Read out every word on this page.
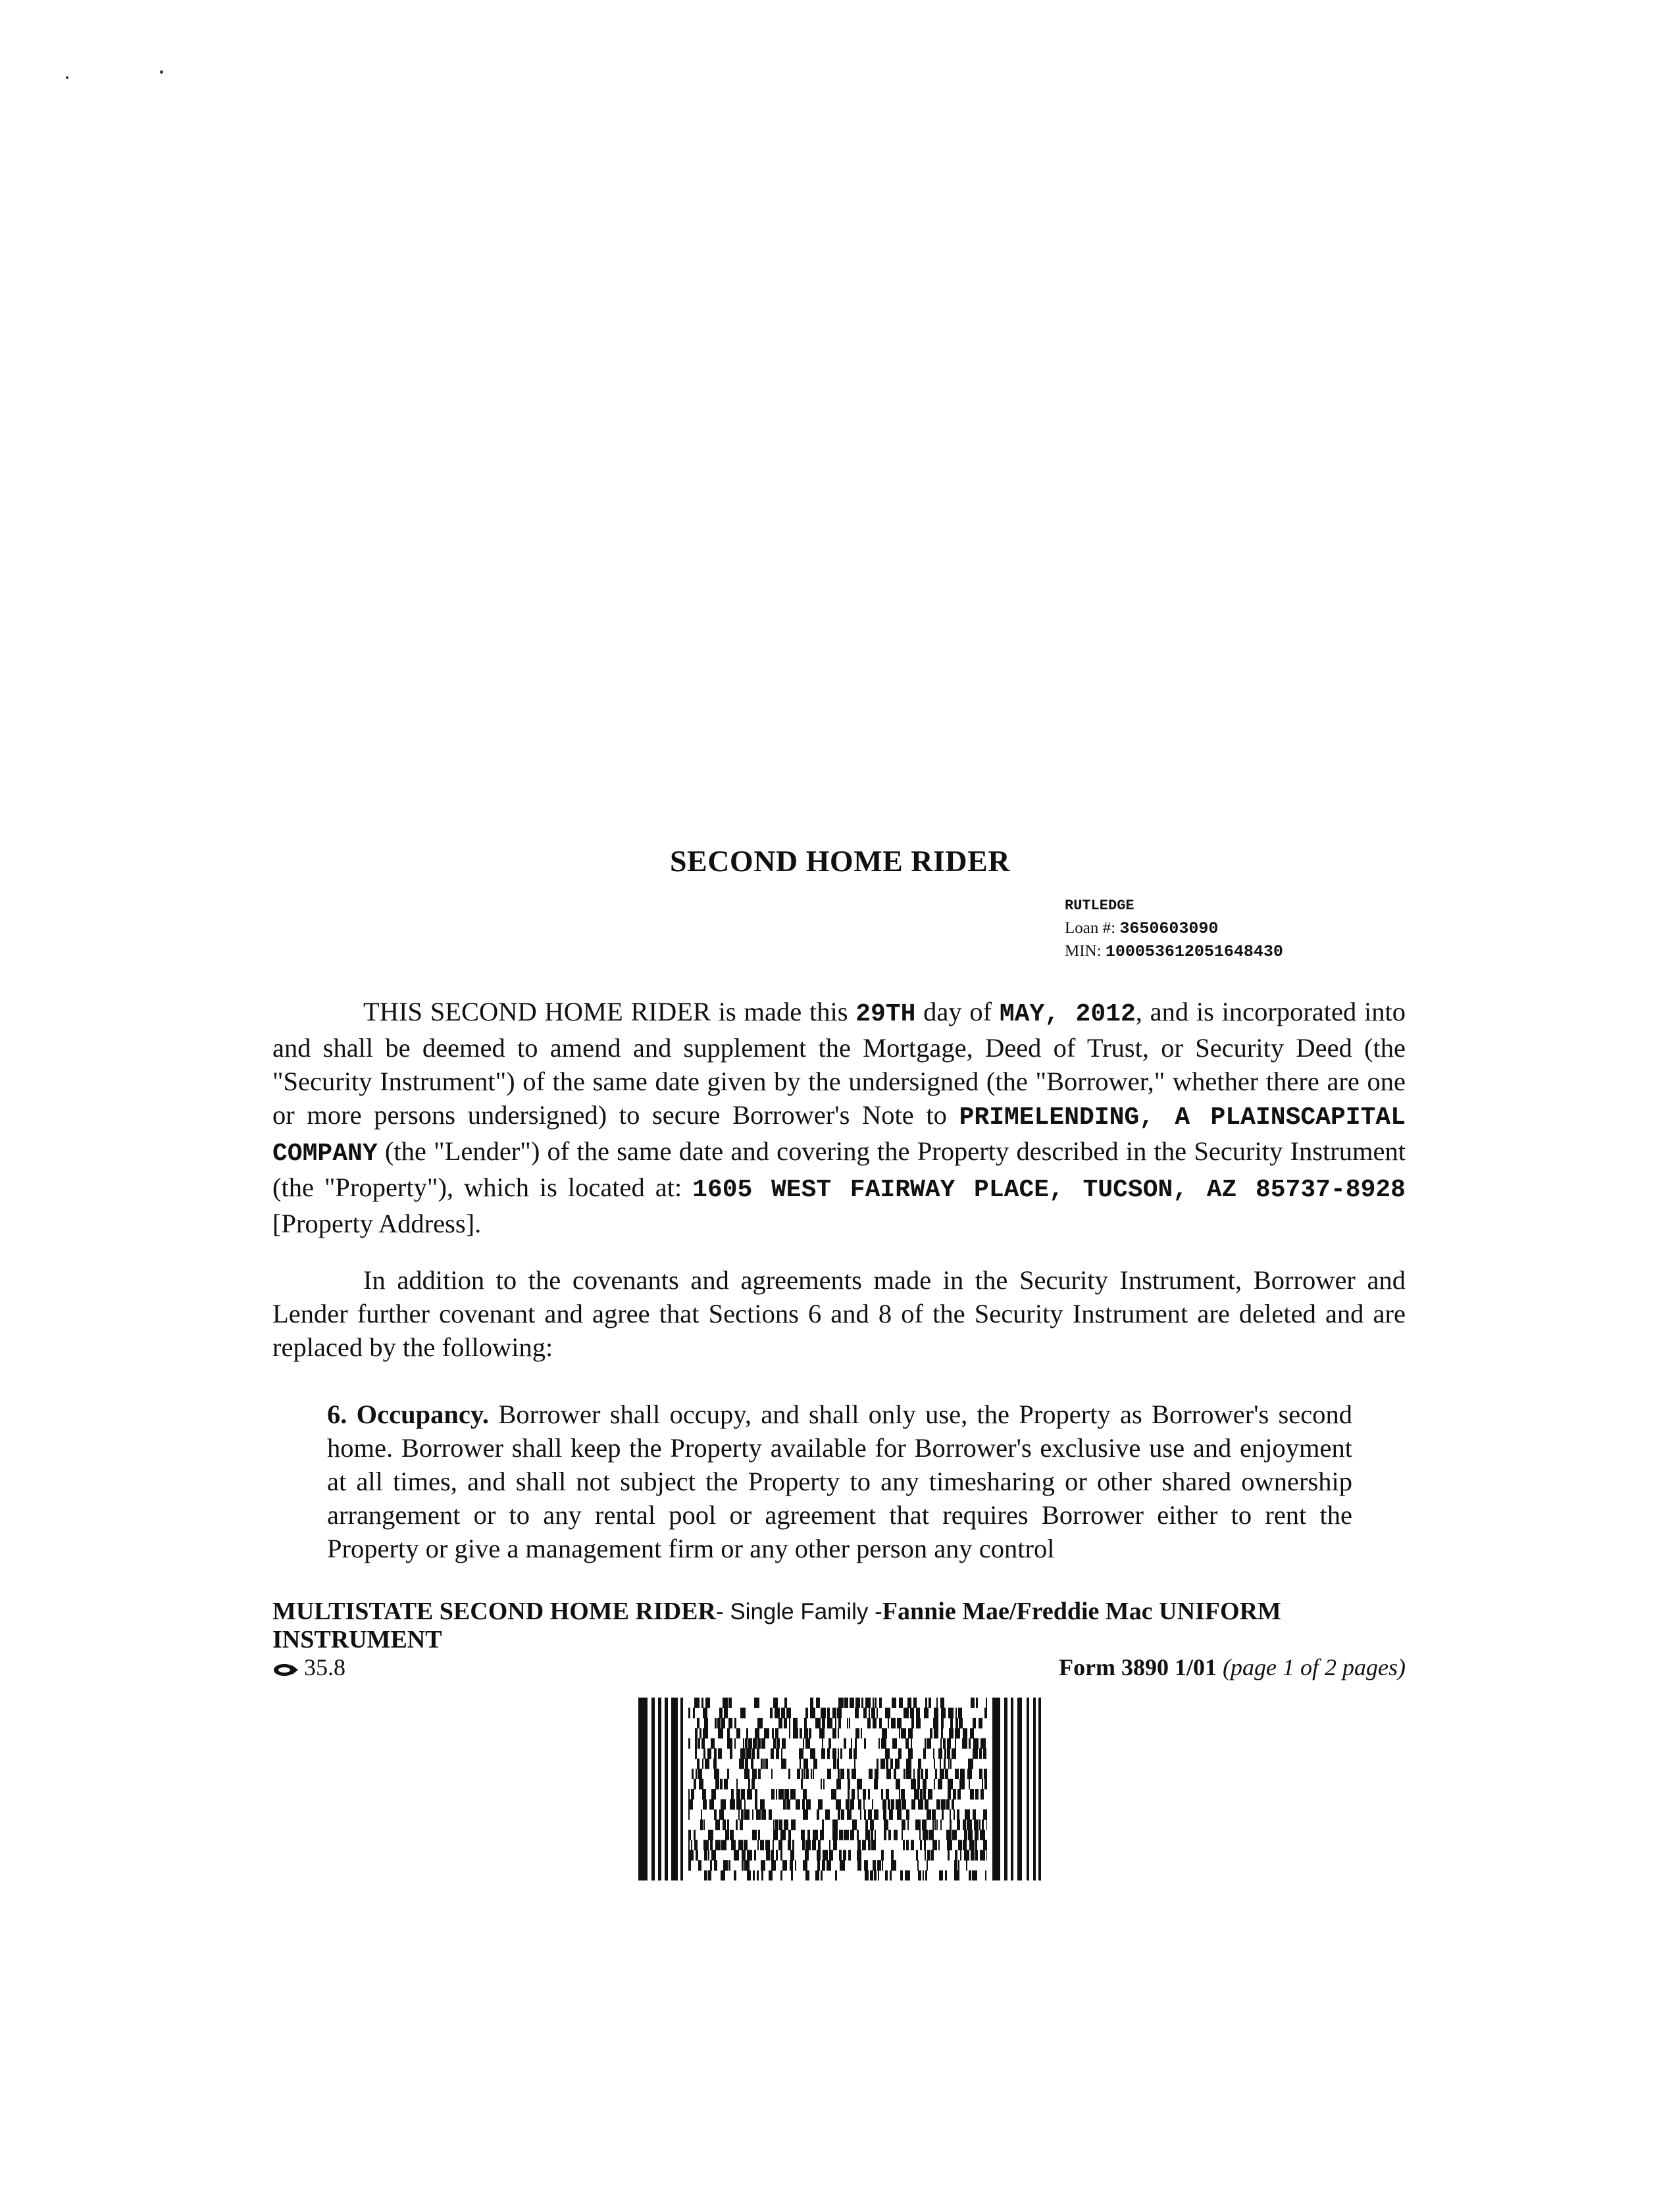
SECOND HOME RIDER
RUTLEDGE
Loan #: 3650603090
MIN: 100053612051648430
THIS SECOND HOME RIDER is made this 29TH day of MAY, 2012, and is incorporated into and shall be deemed to amend and supplement the Mortgage, Deed of Trust, or Security Deed (the "Security Instrument") of the same date given by the undersigned (the "Borrower," whether there are one or more persons undersigned) to secure Borrower's Note to PRIMELENDING, A PLAINSCAPITAL COMPANY (the "Lender") of the same date and covering the Property described in the Security Instrument (the "Property"), which is located at: 1605 WEST FAIRWAY PLACE, TUCSON, AZ 85737-8928 [Property Address].
In addition to the covenants and agreements made in the Security Instrument, Borrower and Lender further covenant and agree that Sections 6 and 8 of the Security Instrument are deleted and are replaced by the following:
6. Occupancy. Borrower shall occupy, and shall only use, the Property as Borrower's second home. Borrower shall keep the Property available for Borrower's exclusive use and enjoyment at all times, and shall not subject the Property to any timesharing or other shared ownership arrangement or to any rental pool or agreement that requires Borrower either to rent the Property or give a management firm or any other person any control
MULTISTATE SECOND HOME RIDER- Single Family -Fannie Mae/Freddie Mac UNIFORM INSTRUMENT
35.8	Form 3890 1/01 (page 1 of 2 pages)
